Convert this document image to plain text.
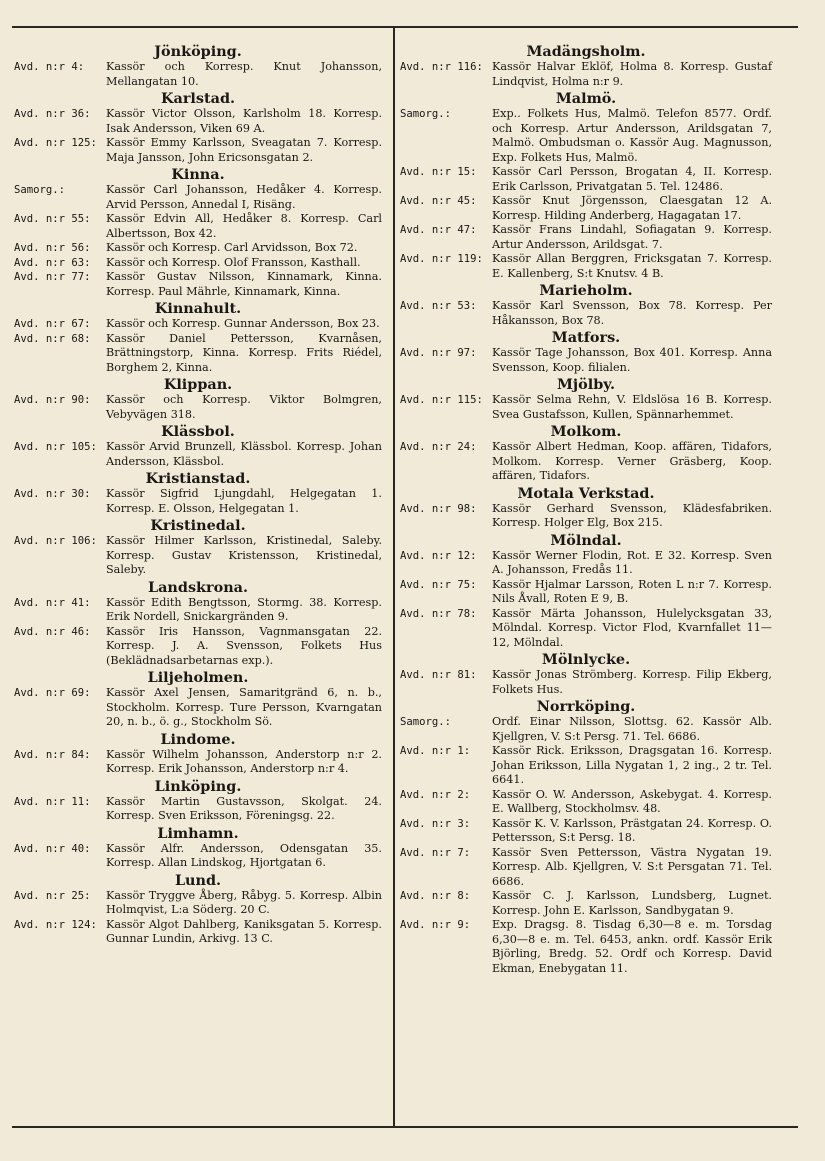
Jönköping.
Avd. n:r 4:	Kassör och Korresp. Knut Johansson, Mellangatan 10.
Karlstad.
Avd. n:r 36:	Kassör Victor Olsson, Karlsholm 18. Korresp. Isak Andersson, Viken 69 A.
Avd. n:r 125: Kassör Emmy Karlsson, Sveagatan 7. Korresp. Maja Jansson, John Ericsonsgatan 2.
Kinna.
Samorg.:	Kassör Carl Johansson, Hedåker 4. Korresp. Arvid Persson, Annedal I, Risäng.
Avd. n:r 55:	Kassör Edvin All, Hedåker 8. Korresp. Carl Albertsson, Box 42.
Avd. n:r 56:	Kassör och Korresp. Carl Arvidsson, Box 72.
Avd. n:r 63:	Kassör och Korresp. Olof Fransson, Kasthall.
Avd. n:r 77:	Kassör Gustav Nilsson, Kinnamark, Kinna. Korresp. Paul Mährle, Kinnamark, Kinna.
Kinnahult.
Avd. n:r 67:	Kassör och Korresp. Gunnar Andersson, Box 23.
Avd. n:r 68:	Kassör Daniel Pettersson, Kvarnåsen, Brättningstorp, Kinna. Korresp. Frits Riédel, Borghem 2, Kinna.
Klippan.
Avd. n:r 90:	Kassör och Korresp. Viktor Bolmgren, Vebyvägen 318.
Klässbol.
Avd. n:r 105: Kassör Arvid Brunzell, Klässbol. Korresp. Johan Andersson, Klässbol.
Kristianstad.
Avd. n:r 30:	Kassör Sigfrid Ljungdahl, Helgegatan 1. Korresp. E. Olsson, Helgegatan 1.
Kristinedal.
Avd. n:r 106: Kassör Hilmer Karlsson, Kristinedal, Saleby. Korresp. Gustav Kristensson, Kristinedal, Saleby.
Landskrona.
Avd. n:r 41:	Kassör Edith Bengtsson, Stormg. 38. Korresp. Erik Nordell, Snickargränden 9.
Avd. n:r 46:	Kassör Iris Hansson, Vagnmansgatan 22. Korresp. J. A. Svensson, Folkets Hus (Beklädnadsarbetarnas exp.).
Liljeholmen.
Avd. n:r 69:	Kassör Axel Jensen, Samaritgränd 6, n. b., Stockholm. Korresp. Ture Persson, Kvarngatan 20, n. b., ö. g., Stockholm Sö.
Lindome.
Avd. n:r 84:	Kassör Wilhelm Johansson, Anderstorp n:r 2. Korresp. Erik Johansson, Anderstorp n:r 4.
Linköping.
Avd. n:r 11:	Kassör Martin Gustavsson, Skolgat. 24. Korresp. Sven Eriksson, Föreningsg. 22.
Limhamn.
Avd. n:r 40:	Kassör Alfr. Andersson, Odensgatan 35. Korresp. Allan Lindskog, Hjortgatan 6.
Lund.
Avd. n:r 25:	Kassör Tryggve Åberg, Råbyg. 5. Korresp. Albin Holmqvist, L:a Söderg. 20 C.
Avd. n:r 124: Kassör Algot Dahlberg, Kaniksgatan 5. Korresp. Gunnar Lundin, Arkivg. 13 C.
Madängsholm.
Avd. n:r 116: Kassör Halvar Eklöf, Holma 8. Korresp. Gustaf Lindqvist, Holma n:r 9.
Malmö.
Samorg.:	Exp.. Folkets Hus, Malmö. Telefon 8577. Ordf. och Korresp. Artur Andersson, Arildsgatan 7, Malmö. Ombudsman o. Kassör Aug. Magnusson, Exp. Folkets Hus, Malmö.
Avd. n:r 15:	Kassör Carl Persson, Brogatan 4, II. Korresp. Erik Carlsson, Privatgatan 5. Tel. 12486.
Avd. n:r 45:	Kassör Knut Jörgensson, Claesgatan 12 A. Korresp. Hilding Anderberg, Hagagatan 17.
Avd. n:r 47:	Kassör Frans Lindahl, Sofiagatan 9. Korresp. Artur Andersson, Arildsgat. 7.
Avd. n:r 119: Kassör Allan Berggren, Fricksgatan 7. Korresp. E. Kallenberg, S:t Knutsv. 4 B.
Marieholm.
Avd. n:r 53:	Kassör Karl Svensson, Box 78. Korresp. Per Håkansson, Box 78.
Matfors.
Avd. n:r 97:	Kassör Tage Johansson, Box 401. Korresp. Anna Svensson, Koop. filialen.
Mjölby.
Avd. n:r 115: Kassör Selma Rehn, V. Eldslösa 16 B. Korresp. Svea Gustafsson, Kullen, Spännarhemmet.
Molkom.
Avd. n:r 24:	Kassör Albert Hedman, Koop. affären, Tidafors, Molkom. Korresp. Verner Gräsberg, Koop. affären, Tidafors.
Motala Verkstad.
Avd. n:r 98:	Kassör Gerhard Svensson, Klädesfabriken. Korresp. Holger Elg, Box 215.
Mölndal.
Avd. n:r 12:	Kassör Werner Flodin, Rot. E 32. Korresp. Sven A. Johansson, Fredås 11.
Avd. n:r 75:	Kassör Hjalmar Larsson, Roten L n:r 7. Korresp. Nils Åvall, Roten E 9, B.
Avd. n:r 78:	Kassör Märta Johansson, Hulelycksgatan 33, Mölndal. Korresp. Victor Flod, Kvarnfallet 11—12, Mölndal.
Mölnlycke.
Avd. n:r 81:	Kassör Jonas Strömberg. Korresp. Filip Ekberg, Folkets Hus.
Norrköping.
Samorg.:	Ordf. Einar Nilsson, Slottsg. 62. Kassör Alb. Kjellgren, V. S:t Persg. 71. Tel. 6686.
Avd. n:r 1:	Kassör Rick. Eriksson, Dragsgatan 16. Korresp. Johan Eriksson, Lilla Nygatan 1, 2 ing., 2 tr. Tel. 6641.
Avd. n:r 2:	Kassör O. W. Andersson, Askebygat. 4. Korresp. E. Wallberg, Stockholmsv. 48.
Avd. n:r 3:	Kassör K. V. Karlsson, Prästgatan 24. Korresp. O. Pettersson, S:t Persg. 18.
Avd. n:r 7:	Kassör Sven Pettersson, Västra Nygatan 19. Korresp. Alb. Kjellgren, V. S:t Persgatan 71. Tel. 6686.
Avd. n:r 8:	Kassör C. J. Karlsson, Lundsberg, Lugnet. Korresp. John E. Karlsson, Sandbygatan 9.
Avd. n:r 9:	Exp. Dragsg. 8. Tisdag 6,30—8 e. m. Torsdag 6,30—8 e. m. Tel. 6453, ankn. ordf. Kassör Erik Björling, Bredg. 52. Ordf och Korresp. David Ekman, Enebygatan 11.
